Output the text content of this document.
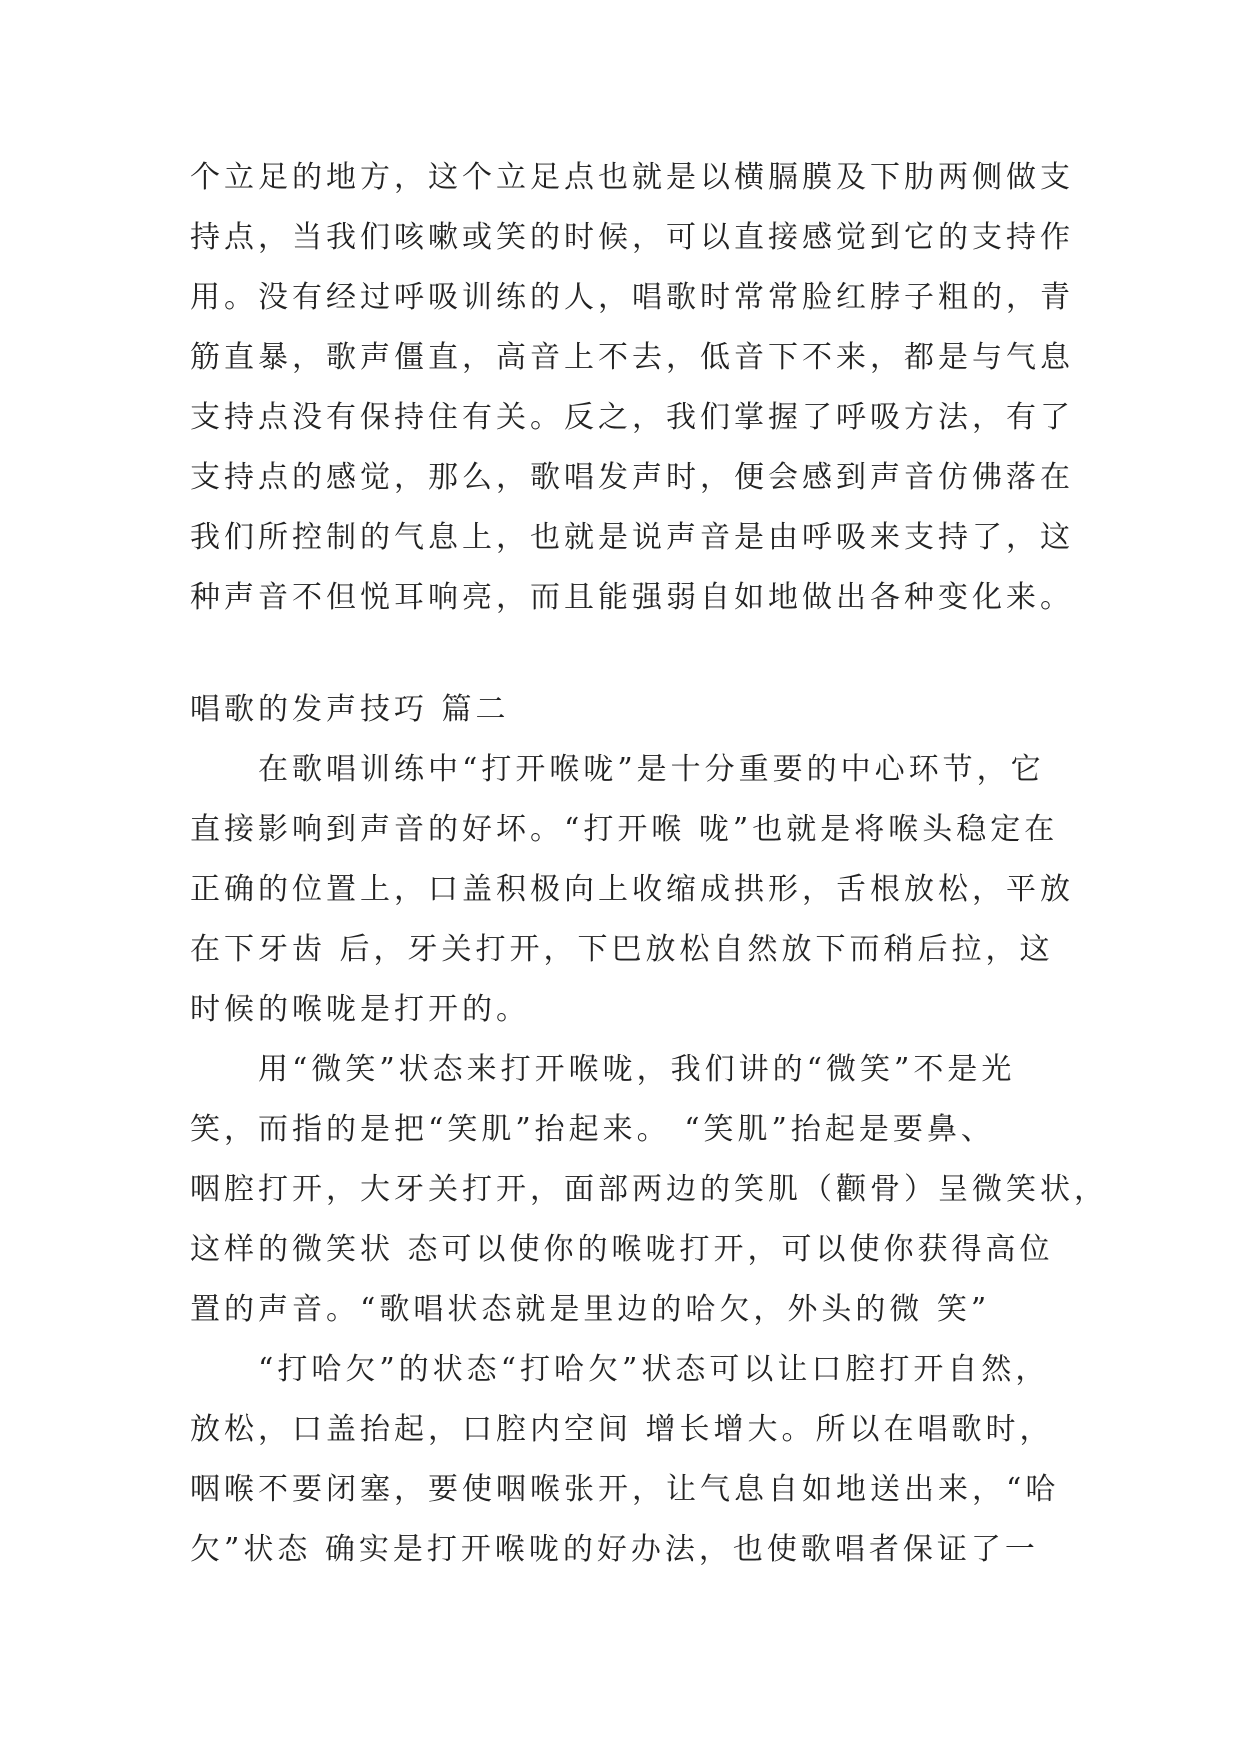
个立足的地方，这个立足点也就是以横膈膜及下肋两侧做支
持点，当我们咳嗽或笑的时候，可以直接感觉到它的支持作
用。没有经过呼吸训练的人，唱歌时常常脸红脖子粗的，青
筋直暴，歌声僵直，高音上不去，低音下不来，都是与气息
支持点没有保持住有关。反之，我们掌握了呼吸方法，有了
支持点的感觉，那么，歌唱发声时，便会感到声音仿佛落在
我们所控制的气息上，也就是说声音是由呼吸来支持了，这
种声音不但悦耳响亮，而且能强弱自如地做出各种变化来。
唱歌的发声技巧 篇二
　　在歌唱训练中“打开喉咙”是十分重要的中心环节，它
直接影响到声音的好坏。“打开喉 咙”也就是将喉头稳定在
正确的位置上，口盖积极向上收缩成拱形，舌根放松，平放
在下牙齿 后，牙关打开，下巴放松自然放下而稍后拉，这
时候的喉咙是打开的。
　　用“微笑”状态来打开喉咙，我们讲的“微笑”不是光
笑，而指的是把“笑肌”抬起来。 “笑肌”抬起是要鼻、
咽腔打开，大牙关打开，面部两边的笑肌（颧骨）呈微笑状，
这样的微笑状 态可以使你的喉咙打开，可以使你获得高位
置的声音。“歌唱状态就是里边的哈欠，外头的微 笑”
　　“打哈欠”的状态“打哈欠”状态可以让口腔打开自然，
放松，口盖抬起，口腔内空间 增长增大。所以在唱歌时，
咽喉不要闭塞，要使咽喉张开，让气息自如地送出来，“哈
欠”状态 确实是打开喉咙的好办法，也使歌唱者保证了一
